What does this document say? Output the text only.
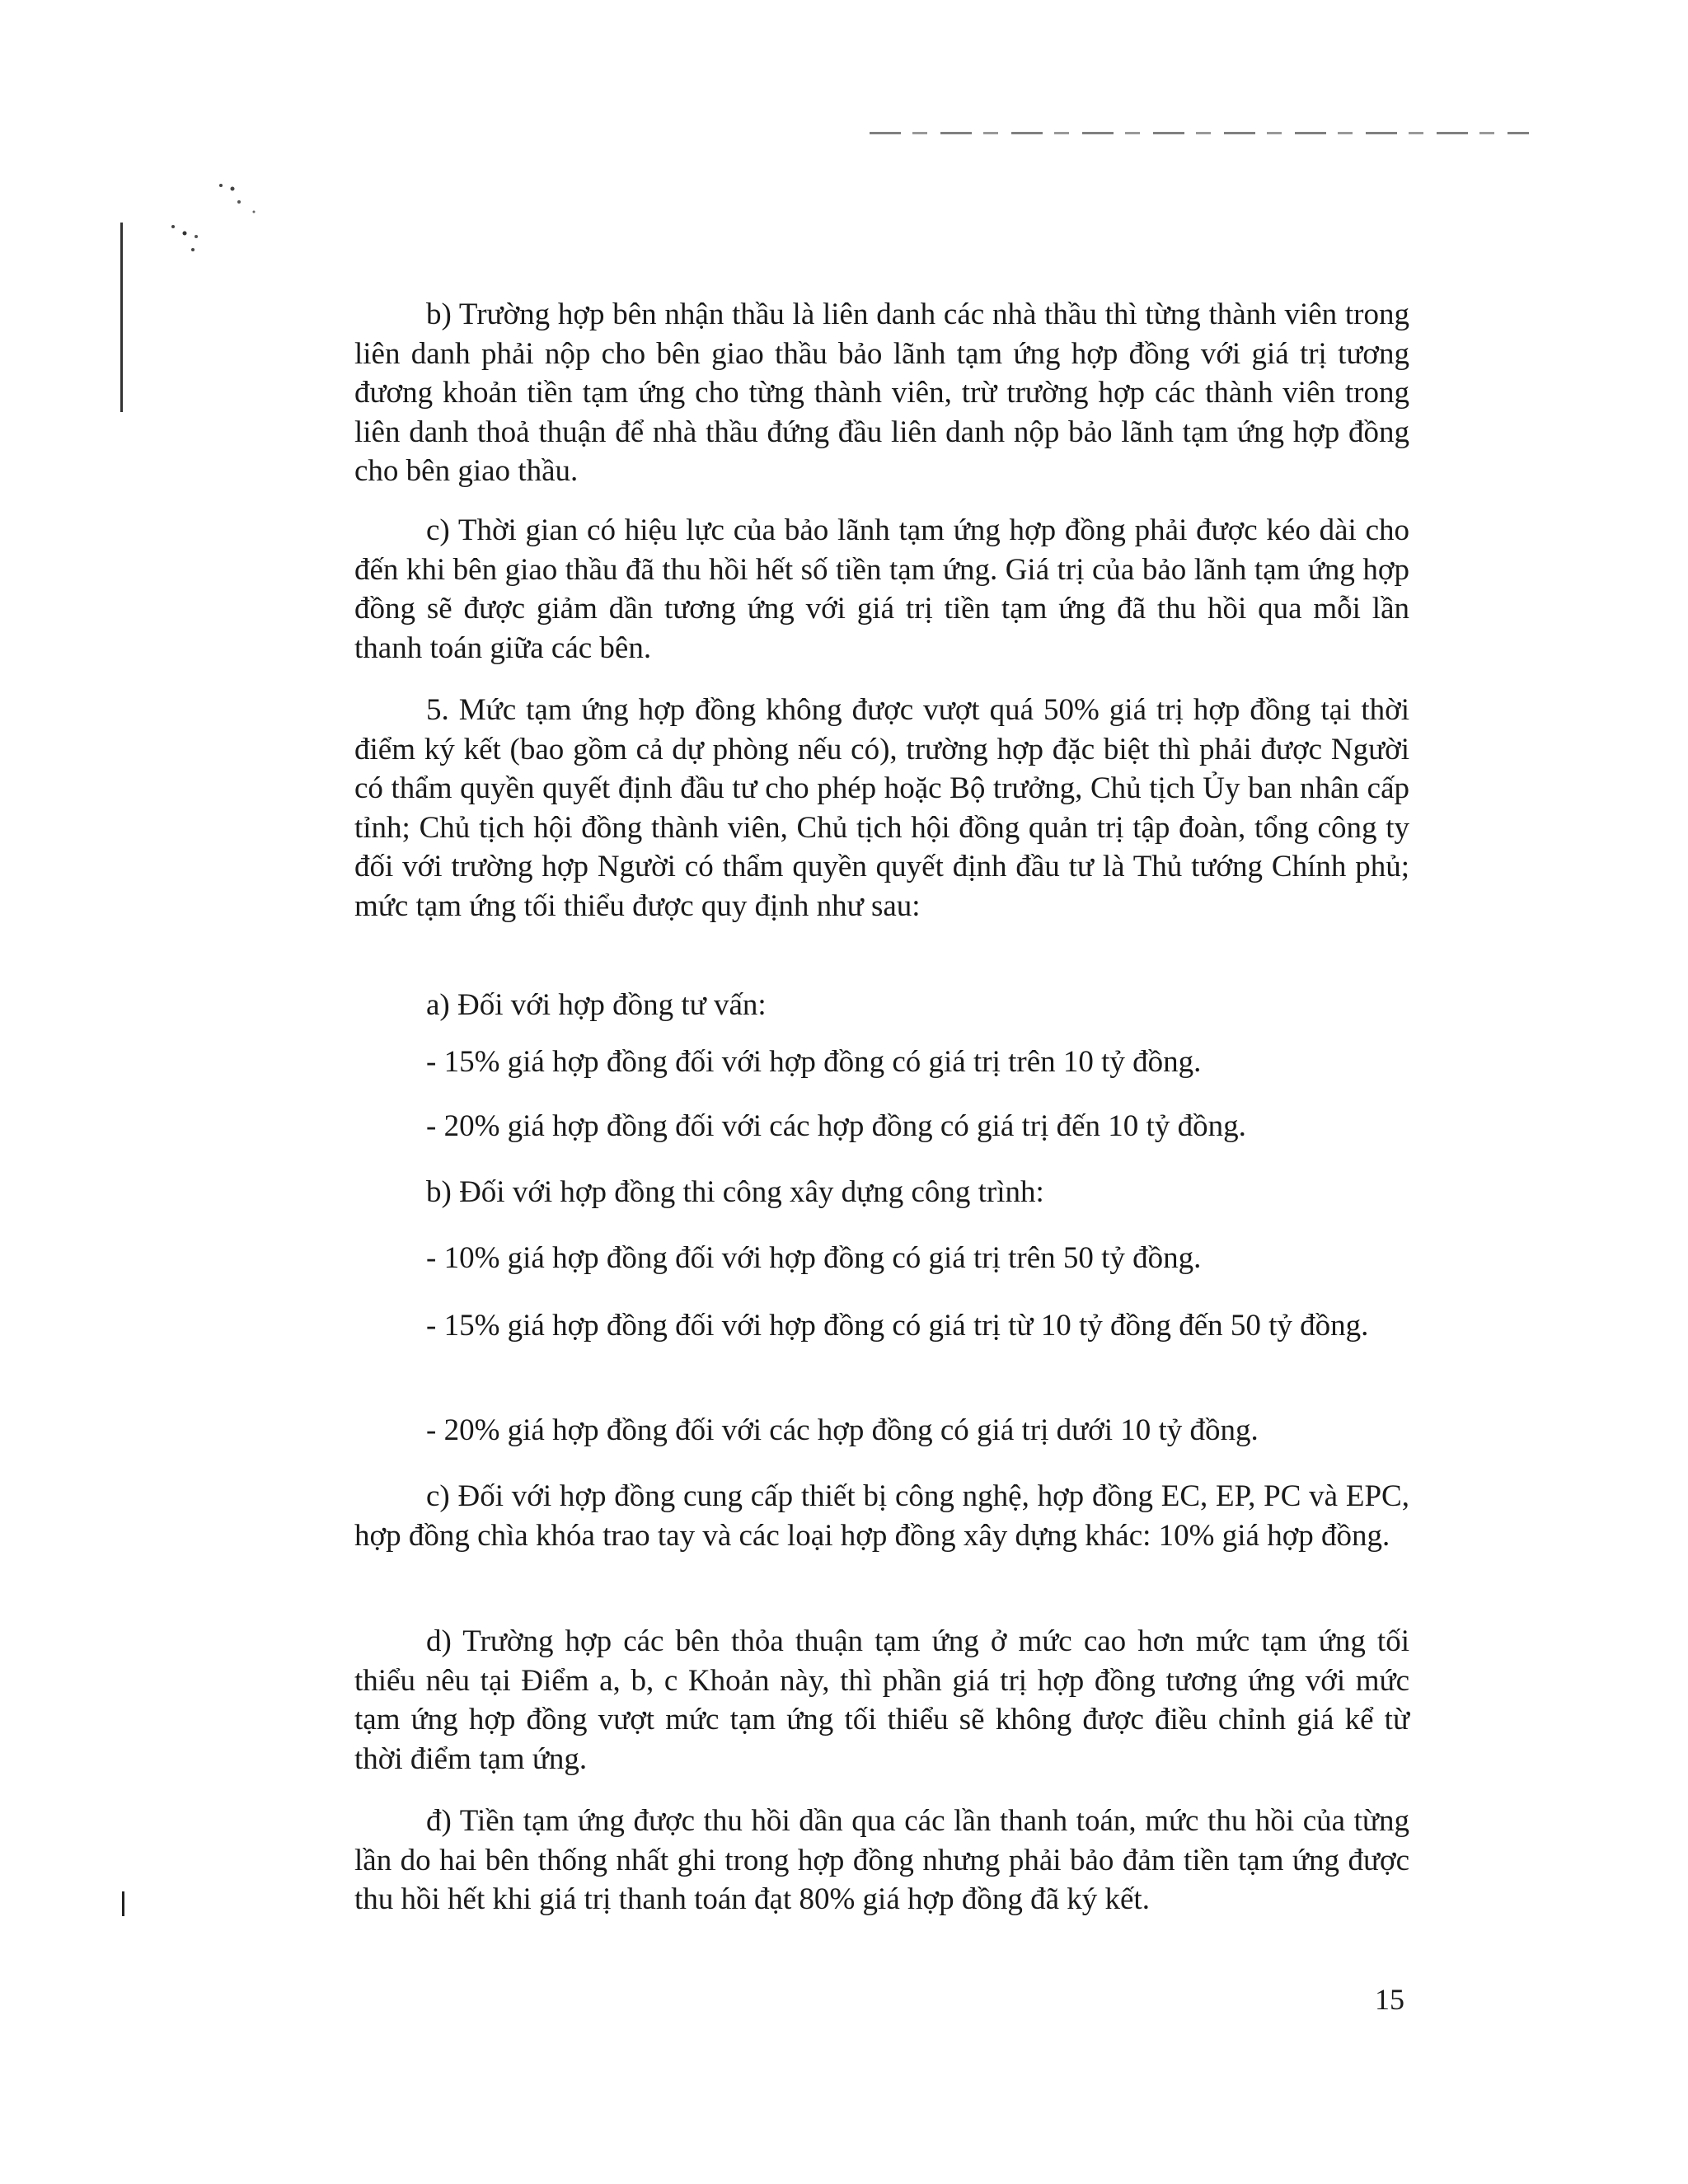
b) Trường hợp bên nhận thầu là liên danh các nhà thầu thì từng thành viên trong liên danh phải nộp cho bên giao thầu bảo lãnh tạm ứng hợp đồng với giá trị tương đương khoản tiền tạm ứng cho từng thành viên, trừ trường hợp các thành viên trong liên danh thoả thuận để nhà thầu đứng đầu liên danh nộp bảo lãnh tạm ứng hợp đồng cho bên giao thầu.

c) Thời gian có hiệu lực của bảo lãnh tạm ứng hợp đồng phải được kéo dài cho đến khi bên giao thầu đã thu hồi hết số tiền tạm ứng. Giá trị của bảo lãnh tạm ứng hợp đồng sẽ được giảm dần tương ứng với giá trị tiền tạm ứng đã thu hồi qua mỗi lần thanh toán giữa các bên.

5. Mức tạm ứng hợp đồng không được vượt quá 50% giá trị hợp đồng tại thời điểm ký kết (bao gồm cả dự phòng nếu có), trường hợp đặc biệt thì phải được Người có thẩm quyền quyết định đầu tư cho phép hoặc Bộ trưởng, Chủ tịch Ủy ban nhân cấp tỉnh; Chủ tịch hội đồng thành viên, Chủ tịch hội đồng quản trị tập đoàn, tổng công ty đối với trường hợp Người có thẩm quyền quyết định đầu tư là Thủ tướng Chính phủ; mức tạm ứng tối thiểu được quy định như sau:

a) Đối với hợp đồng tư vấn:

- 15% giá hợp đồng đối với hợp đồng có giá trị trên 10 tỷ đồng.

- 20% giá hợp đồng đối với các hợp đồng có giá trị đến 10 tỷ đồng.

b) Đối với hợp đồng thi công xây dựng công trình:

- 10% giá hợp đồng đối với hợp đồng có giá trị trên 50 tỷ đồng.

- 15% giá hợp đồng đối với hợp đồng có giá trị từ 10 tỷ đồng đến 50 tỷ đồng.

- 20% giá hợp đồng đối với các hợp đồng có giá trị dưới 10 tỷ đồng.

c) Đối với hợp đồng cung cấp thiết bị công nghệ, hợp đồng EC, EP, PC và EPC, hợp đồng chìa khóa trao tay và các loại hợp đồng xây dựng khác: 10% giá hợp đồng.

d) Trường hợp các bên thỏa thuận tạm ứng ở mức cao hơn mức tạm ứng tối thiểu nêu tại Điểm a, b, c Khoản này, thì phần giá trị hợp đồng tương ứng với mức tạm ứng hợp đồng vượt mức tạm ứng tối thiểu sẽ không được điều chỉnh giá kể từ thời điểm tạm ứng.

đ) Tiền tạm ứng được thu hồi dần qua các lần thanh toán, mức thu hồi của từng lần do hai bên thống nhất ghi trong hợp đồng nhưng phải bảo đảm tiền tạm ứng được thu hồi hết khi giá trị thanh toán đạt 80% giá hợp đồng đã ký kết.

15
